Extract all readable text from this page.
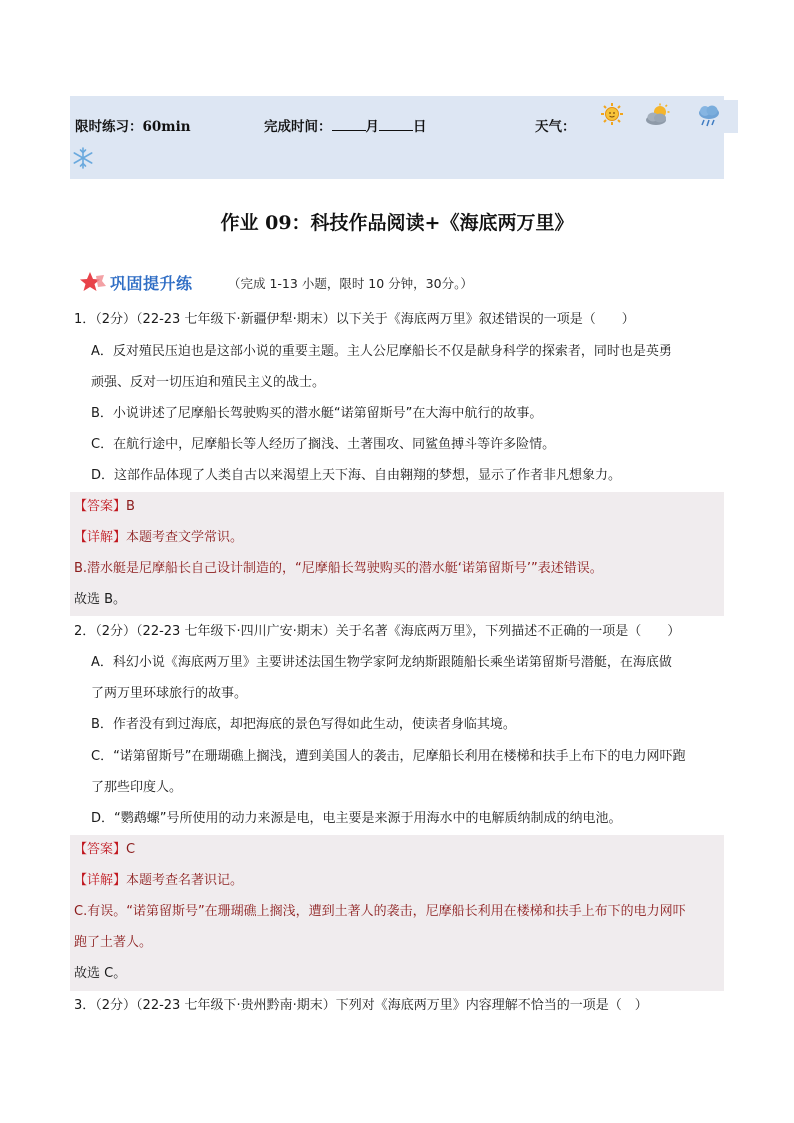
限时练习：60min	完成时间：	月	日	天气：
作业 09：科技作品阅读+《海底两万里》
巩固提升练	（完成 1-13 小题，限时 10 分钟，30分。）
1．（2分）（22-23 七年级下·新疆伊犁·期末）以下关于《海底两万里》叙述错误的一项是（　　）
A．反对殖民压迫也是这部小说的重要主题。主人公尼摩船长不仅是献身科学的探索者，同时也是英勇
顽强、反对一切压迫和殖民主义的战士。
B．小说讲述了尼摩船长驾驶购买的潜水艇“诺第留斯号”在大海中航行的故事。
C．在航行途中，尼摩船长等人经历了搁浅、土著围攻、同鲨鱼搏斗等许多险情。
D．这部作品体现了人类自古以来渴望上天下海、自由翱翔的梦想，显示了作者非凡想象力。
【答案】B
【详解】本题考查文学常识。
B.潜水艇是尼摩船长自己设计制造的，“尼摩船长驾驶购买的潜水艇‘诺第留斯号’”表述错误。
故选 B。
2．（2分）（22-23 七年级下·四川广安·期末）关于名著《海底两万里》，下列描述不正确的一项是（　　）
A．科幻小说《海底两万里》主要讲述法国生物学家阿龙纳斯跟随船长乘坐诺第留斯号潜艇，在海底做
了两万里环球旅行的故事。
B．作者没有到过海底，却把海底的景色写得如此生动，使读者身临其境。
C．“诺第留斯号”在珊瑚礁上搁浅，遭到美国人的袭击，尼摩船长利用在楼梯和扶手上布下的电力网吓跑
了那些印度人。
D．“鹦鹉螺”号所使用的动力来源是电，电主要是来源于用海水中的电解质纳制成的纳电池。
【答案】C
【详解】本题考查名著识记。
C.有误。“诺第留斯号”在珊瑚礁上搁浅，遭到土著人的袭击，尼摩船长利用在楼梯和扶手上布下的电力网吓
跑了土著人。
故选 C。
3．（2分）（22-23 七年级下·贵州黔南·期末）下列对《海底两万里》内容理解不恰当的一项是（　）
